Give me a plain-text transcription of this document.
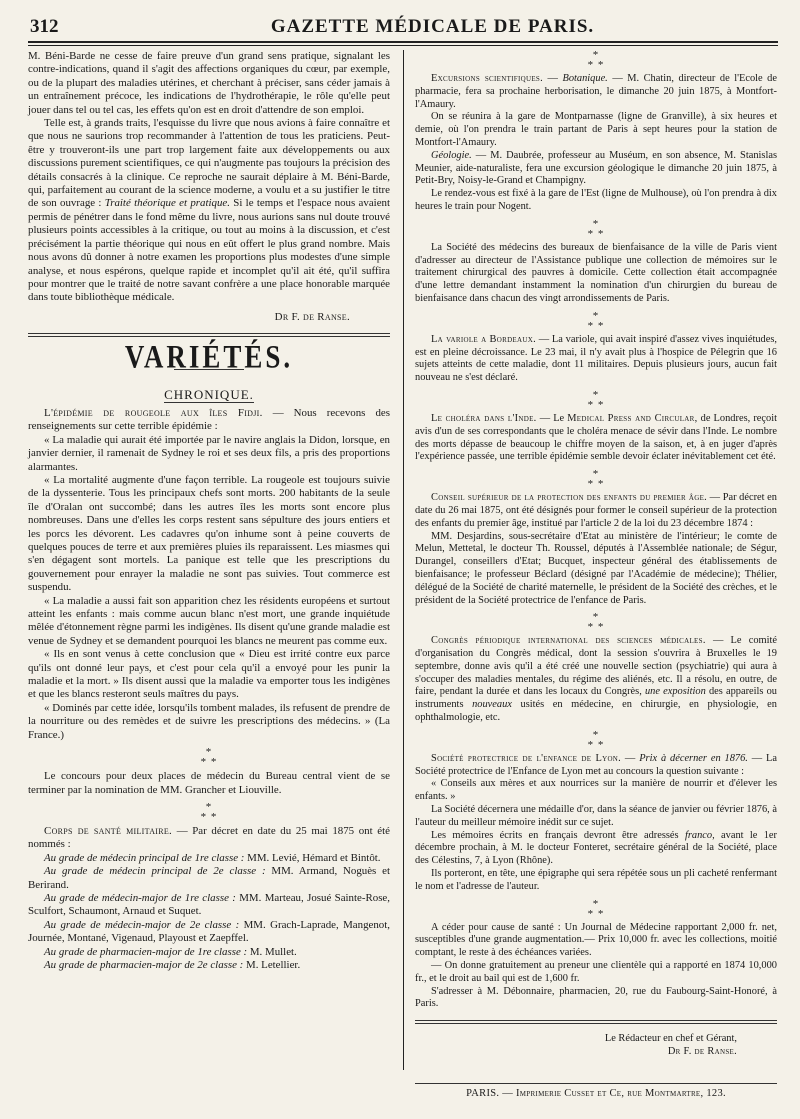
312	GAZETTE MÉDICALE DE PARIS.

M. Béni-Barde ne cesse de faire preuve d'un grand sens pratique, signalant les contre-indications, quand il s'agit des affections organiques du cœur, par exemple, ou de la plupart des maladies utérines, et cherchant à préciser, sans céder jamais à un entraînement précoce, les indications de l'hydrothérapie, le rôle qu'elle peut jouer dans tel ou tel cas, les effets qu'on est en droit d'attendre de son emploi.

Telle est, à grands traits, l'esquisse du livre que nous avions à faire connaître et que nous ne saurions trop recommander à l'attention de tous les praticiens. Peut-être y trouveront-ils une part trop largement faite aux développements ou aux discussions purement scientifiques, ce qui n'augmente pas toujours la précision des détails consacrés à la clinique. Ce reproche ne saurait déplaire à M. Béni-Barde, qui, parfaitement au courant de la science moderne, a voulu et a su justifier le titre de son ouvrage : Traité théorique et pratique. Si le temps et l'espace nous avaient permis de pénétrer dans le fond même du livre, nous aurions sans nul doute trouvé plusieurs points accessibles à la critique, ou tout au moins à la discussion, et c'est précisément la partie théorique qui nous en eût offert le plus grand nombre. Mais nous avons dû donner à notre examen les proportions plus modestes d'une simple analyse, et nous espérons, quelque rapide et incomplet qu'il ait été, qu'il suffira pour montrer que le traité de notre savant confrère a une place honorable marquée dans toute bibliothèque médicale.

Dr F. de Ranse.
VARIÉTÉS.
CHRONIQUE.

L'épidémie de rougeole aux îles Fidji. — Nous recevons des renseignements sur cette terrible épidémie :

« La maladie qui aurait été importée par le navire anglais la Didon, lorsque, en janvier dernier, il ramenait de Sydney le roi et ses deux fils, a pris des proportions alarmantes.

« La mortalité augmente d'une façon terrible. La rougeole est toujours suivie de la dyssenterie. Tous les principaux chefs sont morts. 200 habitants de la seule île d'Oralan ont succombé; dans les autres îles les morts sont encore plus nombreuses. Dans une d'elles les corps restent sans sépulture des jours entiers et les porcs les dévorent. Les cadavres qu'on inhume sont à peine couverts de quelques pouces de terre et aux premières pluies ils reparaissent. Les miasmes qui s'en dégagent sont mortels. La panique est telle que les prescriptions du gouvernement pour enrayer la maladie ne sont pas suivies. Tout commerce est suspendu.

« La maladie a aussi fait son apparition chez les résidents européens et surtout atteint les enfants : mais comme aucun blanc n'est mort, une grande inquiétude mêlée d'étonnement règne parmi les indigènes. Ils disent qu'une grande maladie est venue de Sydney et se demandent pourquoi les blancs ne meurent pas comme eux.

« Ils en sont venus à cette conclusion que « Dieu est irrité contre eux parce qu'ils ont donné leur pays, et c'est pour cela qu'il a envoyé pour les punir la maladie et la mort. » Ils disent aussi que la maladie va emporter tous les indigènes et que les blancs resteront seuls maîtres du pays.

« Dominés par cette idée, lorsqu'ils tombent malades, ils refusent de prendre de la nourriture ou des remèdes et de suivre les prescriptions des médecins. » (La France.)

*
* *

Le concours pour deux places de médecin du Bureau central vient de se terminer par la nomination de MM. Grancher et Liouville.

*
* *

Corps de santé militaire. — Par décret en date du 25 mai 1875 ont été nommés :

Au grade de médecin principal de 1re classe : MM. Levié, Hémard et Bintôt.

Au grade de médecin principal de 2e classe : MM. Armand, Noguès et Berirand.

Au grade de médecin-major de 1re classe : MM. Marteau, Josué Sainte-Rose, Sculfort, Schaumont, Arnaud et Suquet.

Au grade de médecin-major de 2e classe : MM. Grach-Laprade, Mangenot, Journée, Montané, Vigenaud, Playoust et Zaepffel.

Au grade de pharmacien-major de 1re classe : M. Mullet.

Au grade de pharmacien-major de 2e classe : M. Letellier.

*
* *

Excursions scientifiques. — Botanique. — M. Chatin, directeur de l'Ecole de pharmacie, fera sa prochaine herborisation, le dimanche 20 juin 1875, à Montfort-l'Amaury.

On se réunira à la gare de Montparnasse (ligne de Granville), à six heures et demie, où l'on prendra le train partant de Paris à sept heures pour la station de Montfort-l'Amaury.

Géologie. — M. Daubrée, professeur au Muséum, en son absence, M. Stanislas Meunier, aide-naturaliste, fera une excursion géologique le dimanche 20 juin 1875, à Petit-Bry, Noisy-le-Grand et Champigny.

Le rendez-vous est fixé à la gare de l'Est (ligne de Mulhouse), où l'on prendra à dix heures le train pour Nogent.

*
* *

La Société des médecins des bureaux de bienfaisance de la ville de Paris vient d'adresser au directeur de l'Assistance publique une collection de mémoires sur le traitement chirurgical des pauvres à domicile. Cette collection était accompagnée d'une lettre demandant instamment la nomination d'un chirurgien du bureau de bienfaisance dans chacun des vingt arrondissements de Paris.

*
* *

La variole a Bordeaux. — La variole, qui avait inspiré d'assez vives inquiétudes, est en pleine décroissance. Le 23 mai, il n'y avait plus à l'hospice de Pélegrin que 16 sujets atteints de cette maladie, dont 11 militaires. Depuis plusieurs jours, aucun fait nouveau ne s'est déclaré.

*
* *

Le choléra dans l'Inde. — Le Medical Press and Circular, de Londres, reçoit avis d'un de ses correspondants que le choléra menace de sévir dans l'Inde. Le nombre des morts dépasse de beaucoup le chiffre moyen de la saison, et, à en juger d'après l'expérience passée, une terrible épidémie semble devoir éclater inévitablement cet été.

*
* *

Conseil supérieur de la protection des enfants du premier âge. — Par décret en date du 26 mai 1875, ont été désignés pour former le conseil supérieur de la protection des enfants du premier âge, institué par l'article 2 de la loi du 23 décembre 1874 :

MM. Desjardins, sous-secrétaire d'Etat au ministère de l'intérieur; le comte de Melun, Mettetal, le docteur Th. Roussel, députés à l'Assemblée nationale; de Ségur, Durangel, conseillers d'Etat; Bucquet, inspecteur général des établissements de bienfaisance; le professeur Béclard (désigné par l'Académie de médecine); Thélier, délégué de la Société de charité maternelle, le président de la Société des crèches, et le président de la Société protectrice de l'enfance de Paris.

*
* *

Congrès périodique international des sciences médicales. — Le comité d'organisation du Congrès médical, dont la session s'ouvrira à Bruxelles le 19 septembre, donne avis qu'il a été créé une nouvelle section (psychiatrie) qui aura à s'occuper des maladies mentales, du régime des aliénés, etc. Il a résolu, en outre, de faire, pendant la durée et dans les locaux du Congrès, une exposition des appareils ou instruments nouveaux usités en médecine, en chirurgie, en physiologie, en ophthalmologie, etc.

*
* *

Société protectrice de l'enfance de Lyon. — Prix à décerner en 1876. — La Société protectrice de l'Enfance de Lyon met au concours la question suivante :

« Conseils aux mères et aux nourrices sur la manière de nourrir et d'élever les enfants. »

La Société décernera une médaille d'or, dans la séance de janvier ou février 1876, à l'auteur du meilleur mémoire inédit sur ce sujet.

Les mémoires écrits en français devront être adressés franco, avant le 1er décembre prochain, à M. le docteur Fonteret, secrétaire général de la Société, place des Célestins, 7, à Lyon (Rhône).

Ils porteront, en tête, une épigraphe qui sera répétée sous un pli cacheté renfermant le nom et l'adresse de l'auteur.

*
* *

A céder pour cause de santé : Un Journal de Médecine rapportant 2,000 fr. net, susceptibles d'une grande augmentation.— Prix 10,000 fr. avec les collections, moitié comptant, le reste à des échéances variées.

— On donne gratuitement au preneur une clientèle qui a rapporté en 1874 10,000 fr., et le droit au bail qui est de 1,600 fr.

S'adresser à M. Débonnaire, pharmacien, 20, rue du Faubourg-Saint-Honoré, à Paris.

Le Rédacteur en chef et Gérant,
Dr F. de Ranse.
PARIS. — Imprimerie Cusset et Ce, rue Montmartre, 123.
